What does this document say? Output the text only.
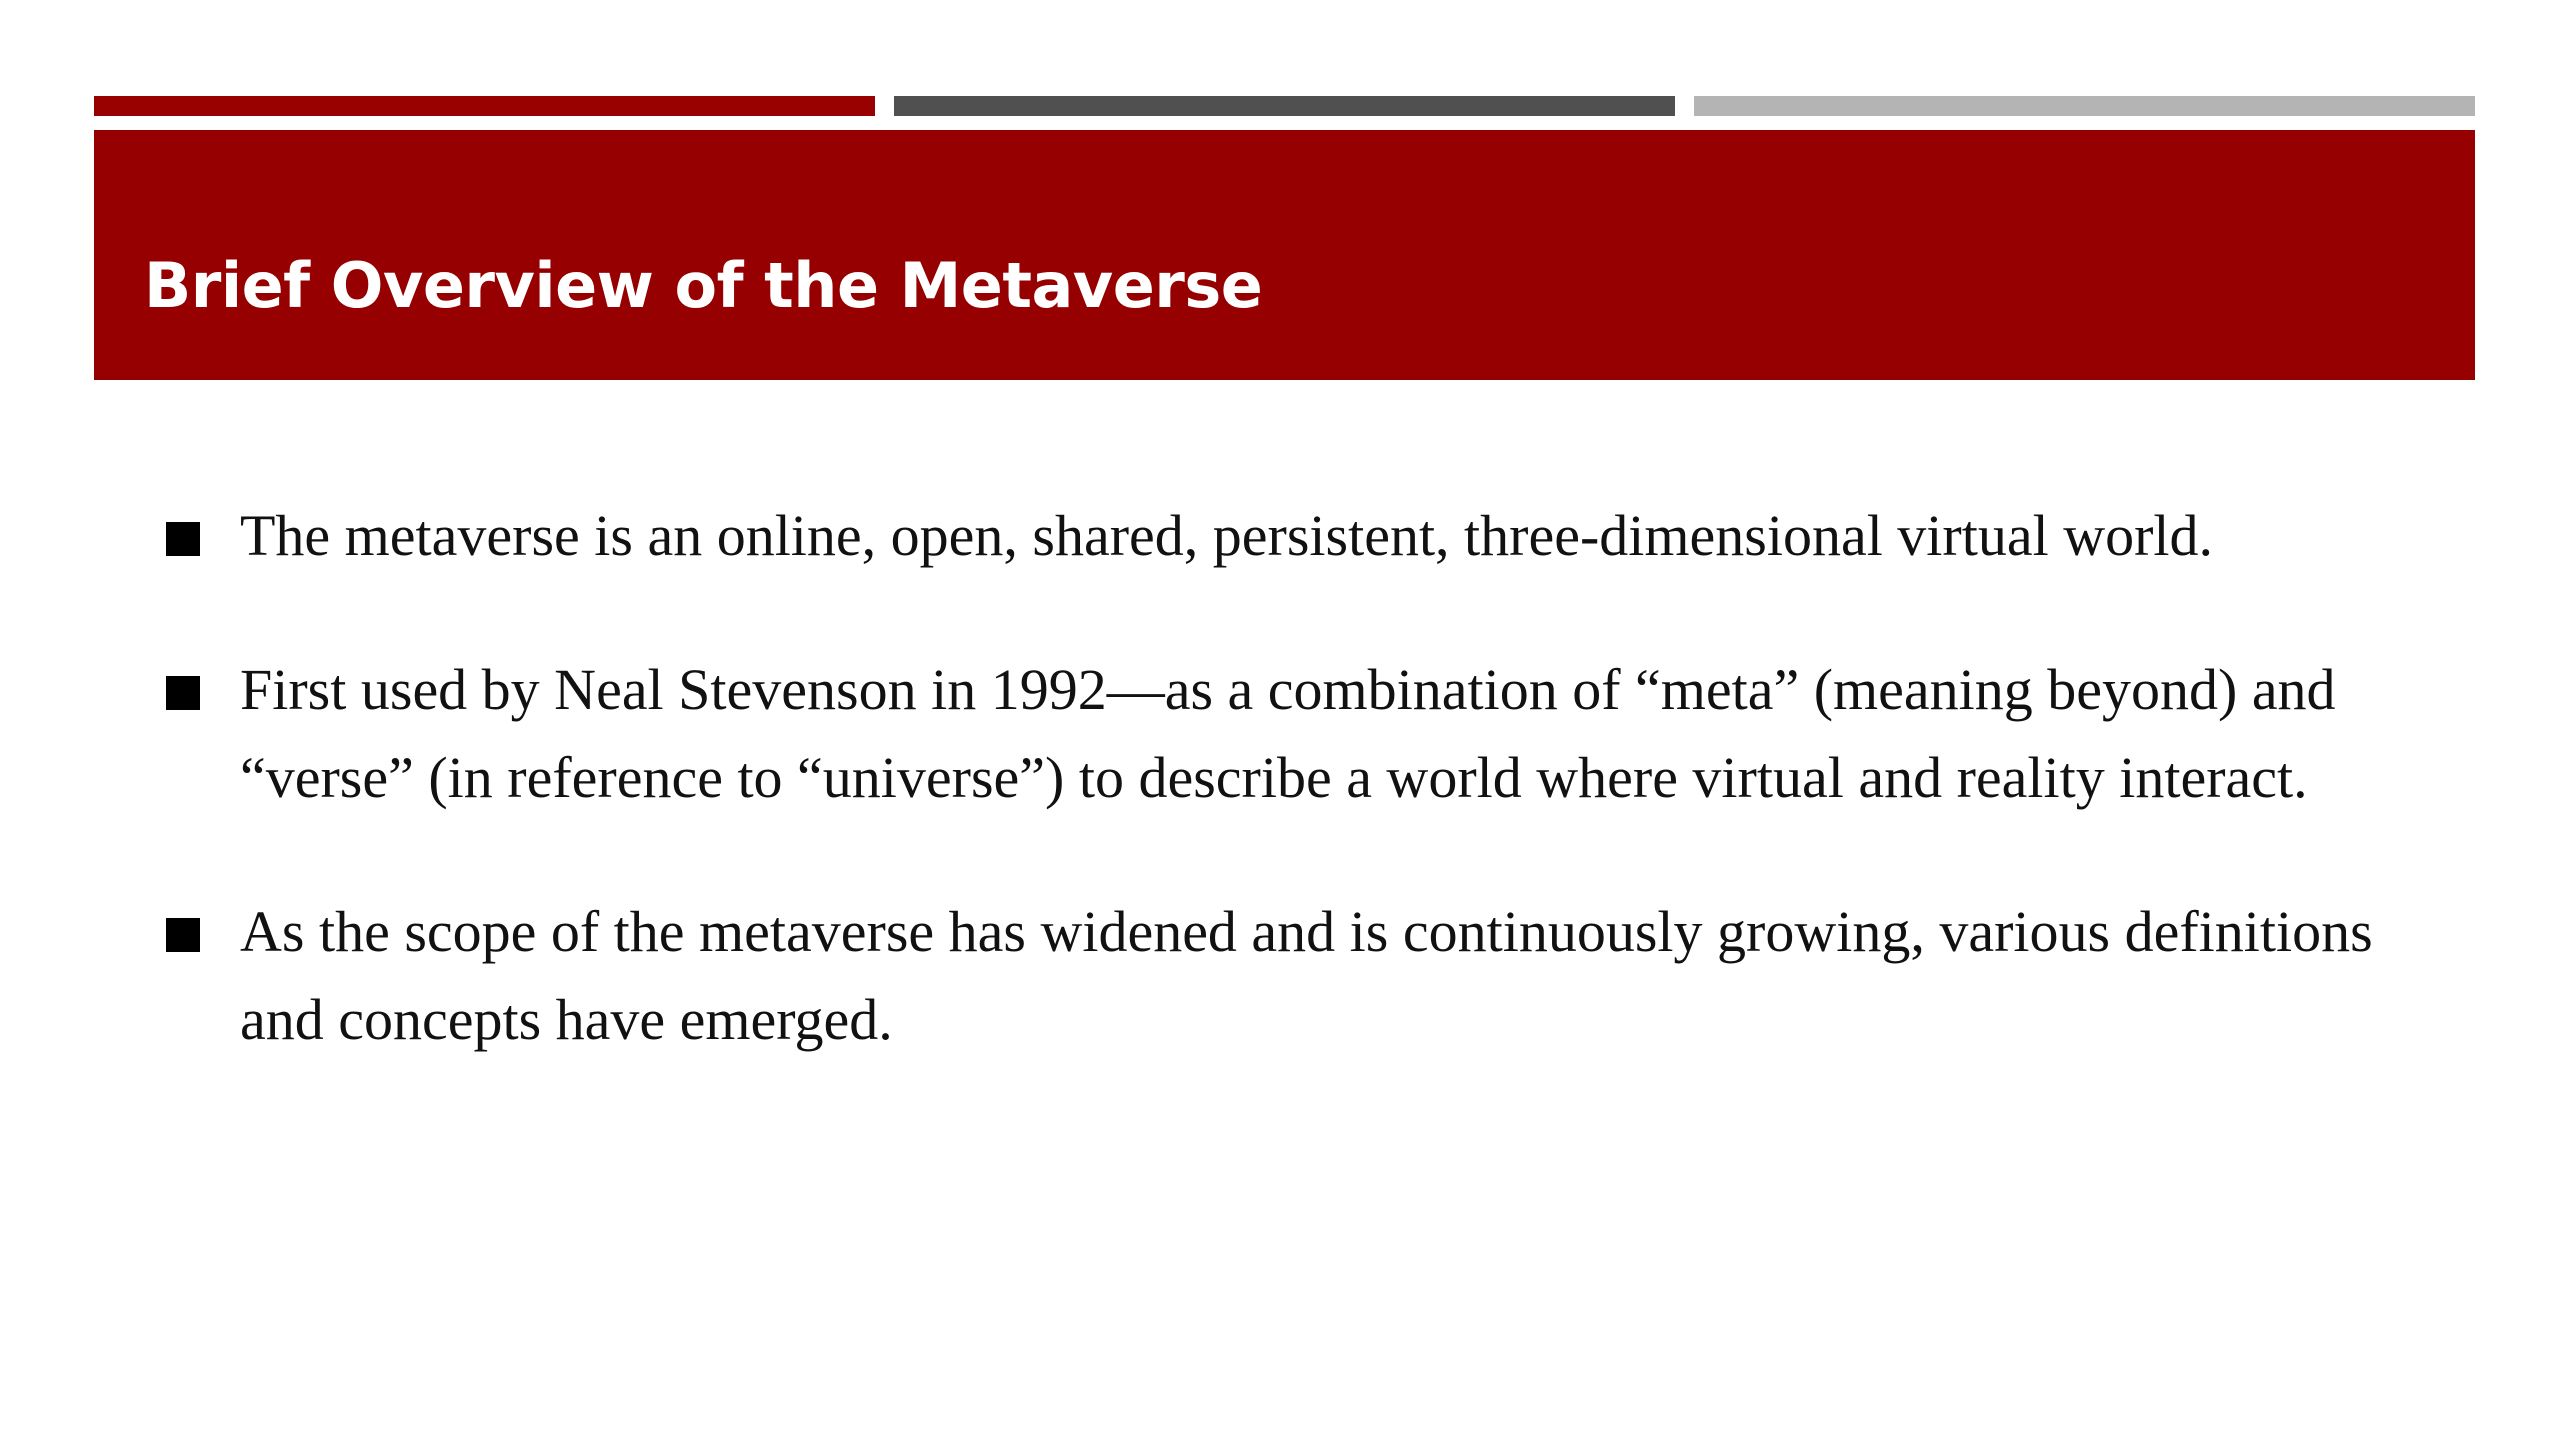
Brief Overview of the Metaverse
The metaverse is an online, open, shared, persistent, three-dimensional virtual world.
First used by Neal Stevenson in 1992—as a combination of “meta” (meaning beyond) and “verse” (in reference to “universe”) to describe a world where virtual and reality interact.
As the scope of the metaverse has widened and is continuously growing, various definitions and concepts have emerged.
